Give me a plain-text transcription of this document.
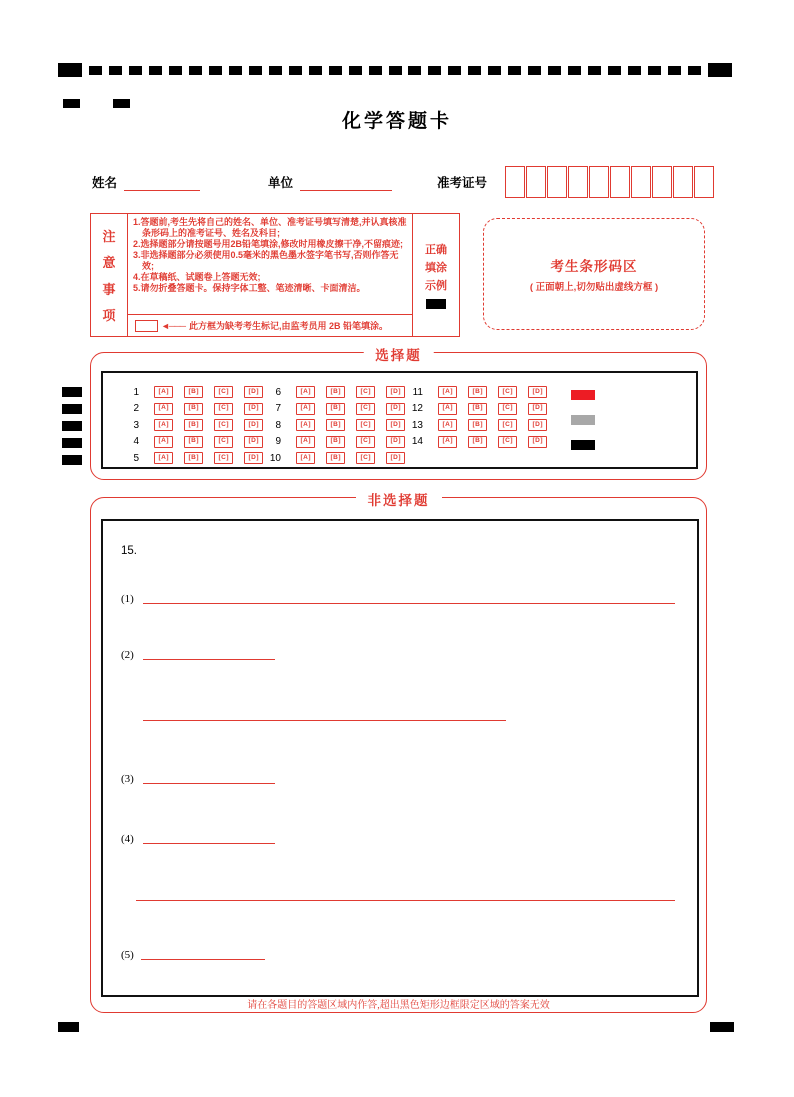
化学答题卡
姓名	单位	准考证号
注
意
事
项
1.答题前,考生先将自己的姓名、单位、准考证号填写清楚,并认真核准条形码上的准考证号、姓名及科目;
2.选择题部分请按题号用2B铅笔填涂,修改时用橡皮擦干净,不留痕迹;
3.非选择题部分必须使用0.5毫米的黑色墨水签字笔书写,否则作答无效;
4.在草稿纸、试题卷上答题无效;
5.请勿折叠答题卡。保持字体工整、笔迹清晰、卡面清洁。
◄─── 此方框为缺考考生标记,由监考员用 2B 铅笔填涂。
正确
填涂
示例
考生条形码区
( 正面朝上,切勿贴出虚线方框 )
选择题
1	[ A ]	[ B ]	[ C ]	[ D ]
2	[ A ]	[ B ]	[ C ]	[ D ]
3	[ A ]	[ B ]	[ C ]	[ D ]
4	[ A ]	[ B ]	[ C ]	[ D ]
5	[ A ]	[ B ]	[ C ]	[ D ]
6	[ A ]	[ B ]	[ C ]	[ D ]
7	[ A ]	[ B ]	[ C ]	[ D ]
8	[ A ]	[ B ]	[ C ]	[ D ]
9	[ A ]	[ B ]	[ C ]	[ D ]
10	[ A ]	[ B ]	[ C ]	[ D ]
11	[ A ]	[ B ]	[ C ]	[ D ]
12	[ A ]	[ B ]	[ C ]	[ D ]
13	[ A ]	[ B ]	[ C ]	[ D ]
14	[ A ]	[ B ]	[ C ]	[ D ]
非选择题
15.
(1)
(2)
(3)
(4)
(5)
请在各题目的答题区域内作答,超出黑色矩形边框限定区域的答案无效
